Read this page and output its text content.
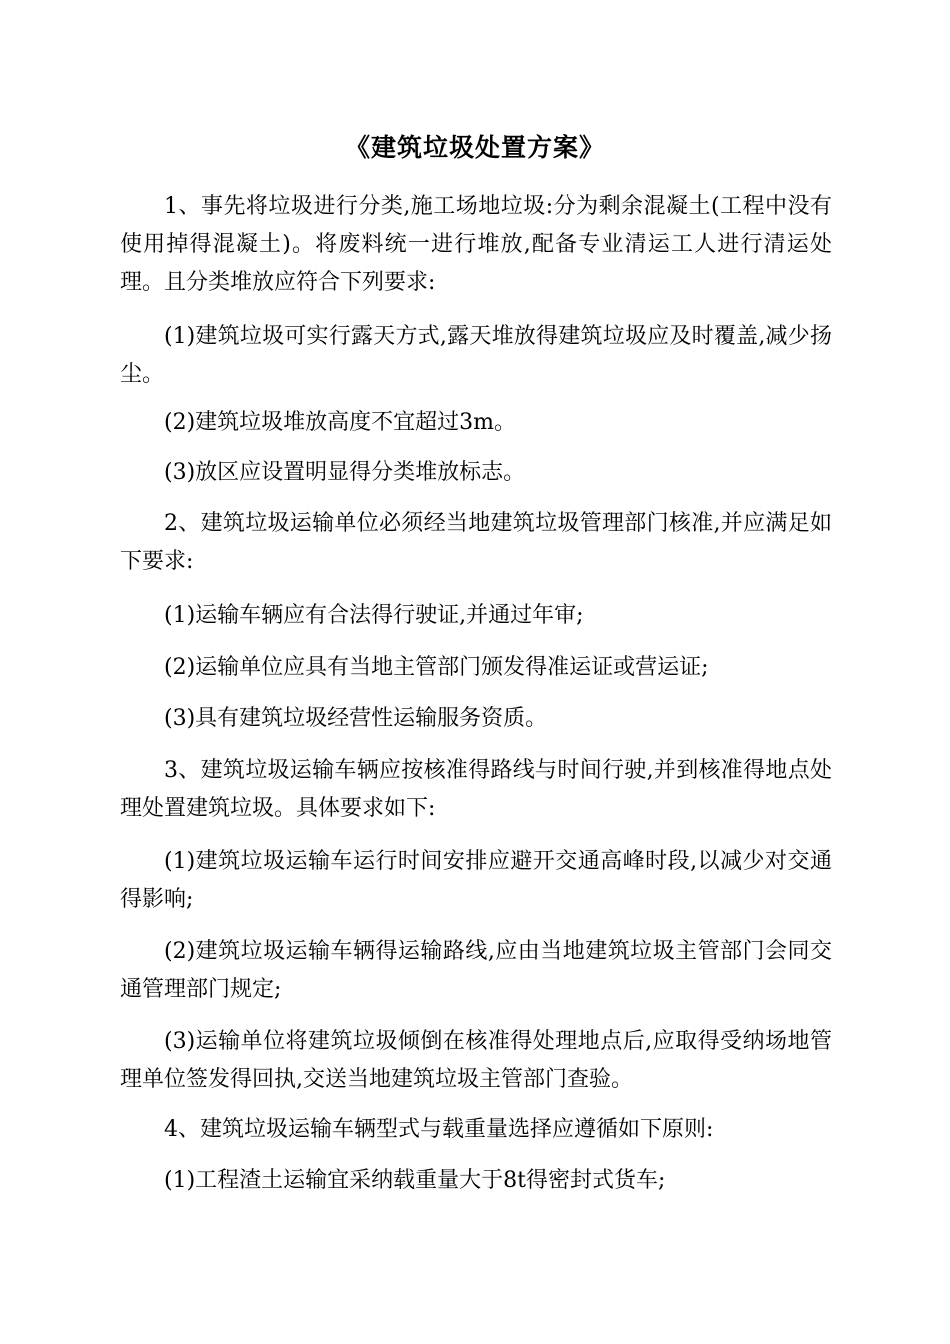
《建筑垃圾处置方案》

1、事先将垃圾进行分类,施工场地垃圾:分为剩余混凝土(工程中没有使用掉得混凝土)。将废料统一进行堆放,配备专业清运工人进行清运处理。且分类堆放应符合下列要求:

(1)建筑垃圾可实行露天方式,露天堆放得建筑垃圾应及时覆盖,减少扬尘。

(2)建筑垃圾堆放高度不宜超过3m。

(3)放区应设置明显得分类堆放标志。

2、建筑垃圾运输单位必须经当地建筑垃圾管理部门核准,并应满足如下要求:

(1)运输车辆应有合法得行驶证,并通过年审;

(2)运输单位应具有当地主管部门颁发得准运证或营运证;

(3)具有建筑垃圾经营性运输服务资质。

3、建筑垃圾运输车辆应按核准得路线与时间行驶,并到核准得地点处理处置建筑垃圾。具体要求如下:

(1)建筑垃圾运输车运行时间安排应避开交通高峰时段,以减少对交通得影响;

(2)建筑垃圾运输车辆得运输路线,应由当地建筑垃圾主管部门会同交通管理部门规定;

(3)运输单位将建筑垃圾倾倒在核准得处理地点后,应取得受纳场地管理单位签发得回执,交送当地建筑垃圾主管部门查验。

4、建筑垃圾运输车辆型式与载重量选择应遵循如下原则:

(1)工程渣土运输宜采纳载重量大于8t得密封式货车;
